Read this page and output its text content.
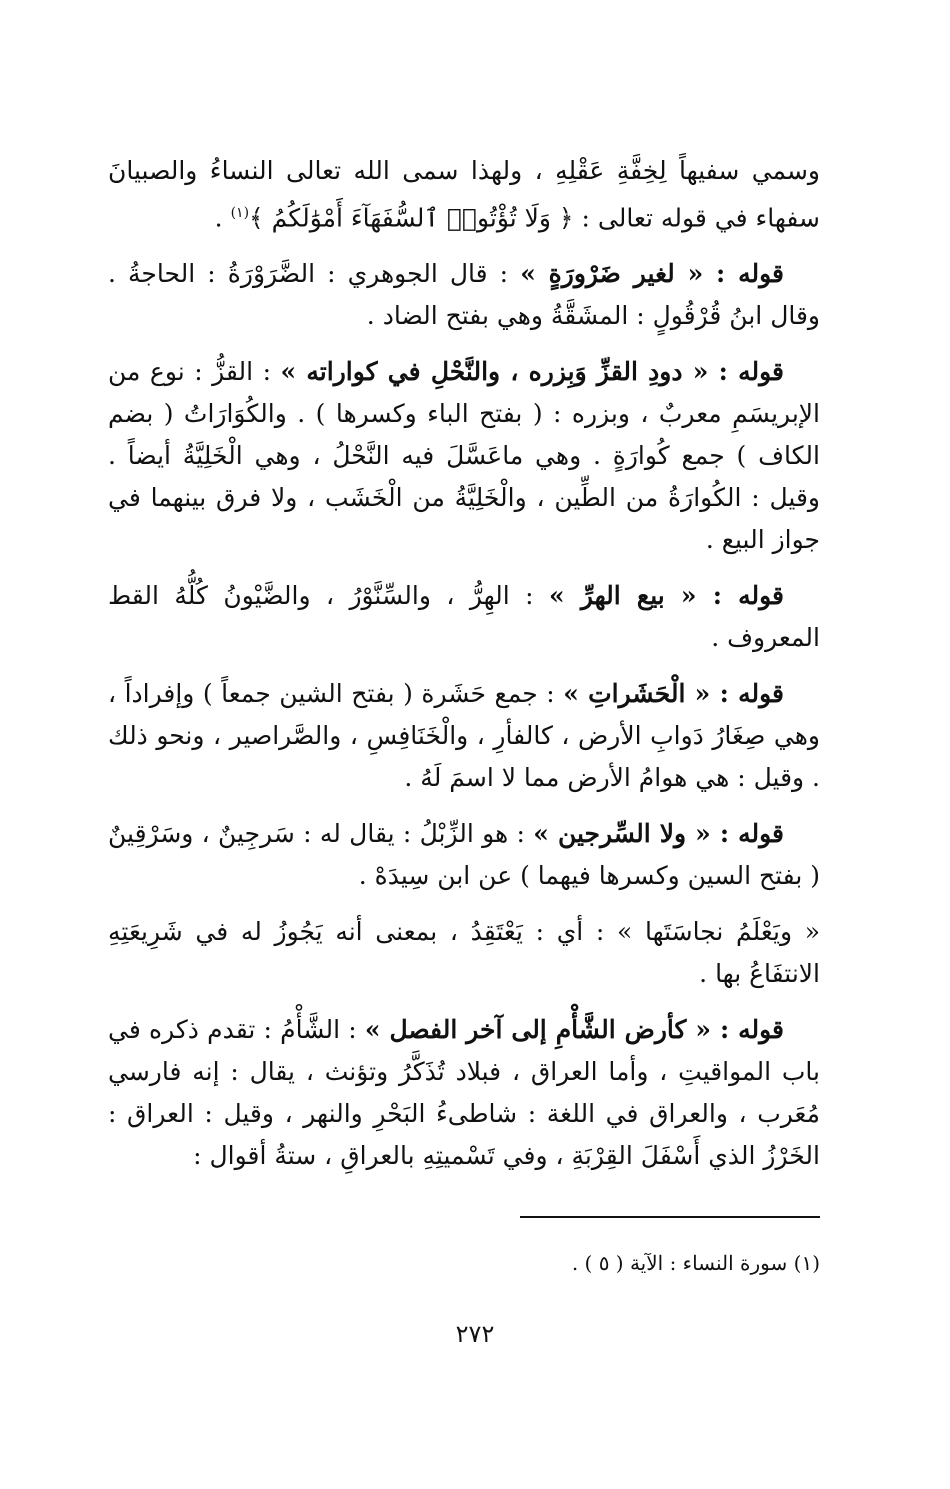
وسمي سفيهاً لِخِفَّةِ عَقْلِهِ ، ولهذا سمى الله تعالى النساءُ والصبيانَ سفهاء في قوله تعالى : ﴿ وَلَا تُؤْتُوا۟ ٱلسُّفَهَآءَ أَمْوَٰلَكُمُ ﴾$^{(١)}$ .

قوله : « لغير ضَرْورَةٍ » : قال الجوهري : الضَّرَوْرَةُ : الحاجةُ . وقال ابنُ قُرْقُولٍ : المشَقَّةُ وهي بفتح الضاد .

قوله : « دودِ القزِّ وَبِزره ، والنَّحْلِ في كواراته » : القزُّ : نوع من الإبريسَمِ معربٌ ، وبزره : ( بفتح الباء وكسرها ) . والكُوَارَاتُ ( بضم الكاف ) جمع كُوارَةٍ . وهي ماعَسَّلَ فيه النَّحْلُ ، وهي الْخَلِيَّةُ أيضاً . وقيل : الكُوارَةُ من الطِّين ، والْخَلِيَّةُ من الْخَشَب ، ولا فرق بينهما في جواز البيع .

قوله : « بيع الهرِّ » : الهِرُّ ، والسِّنَّوْرُ ، والضَّيْونُ كُلُّهُ القط المعروف .

قوله : « الْحَشَراتِ » : جمع حَشَرة ( بفتح الشين جمعاً ) وإفراداً ، وهي صِغَارُ دَوابِ الأرض ، كالفأرِ ، والْخَنَافِسِ ، والصَّراصير ، ونحو ذلك . وقيل : هي هوامُ الأرض مما لا اسمَ لَهُ .

قوله : « ولا السِّرجين » : هو الزِّبْلُ : يقال له : سَرجِينٌ ، وسَرْقِينٌ ( بفتح السين وكسرها فيهما ) عن ابن سِيدَهْ .

« ويَعْلَمُ نجاسَتَها » : أي : يَعْتَقِدُ ، بمعنى أنه يَجُوزُ له في شَرِيعَتِهِ الانتفَاعُ بها .

قوله : « كأرض الشَّأْمِ إلى آخر الفصل » : الشَّأْمُ : تقدم ذكره في باب المواقيتِ ، وأما العراق ، فبلاد تُذَكَّرُ وتؤنث ، يقال : إنه فارسي مُعَرب ، والعراق في اللغة : شاطىءُ البَحْرِ والنهر ، وقيل : العراق : الخَرْزُ الذي أَسْفَلَ القِرْبَةِ ، وفي تَسْميتِهِ بالعراقِ ، ستةُ أقوال :

(١) سورة النساء : الآية ( ٥ ) .
٢٧٢
